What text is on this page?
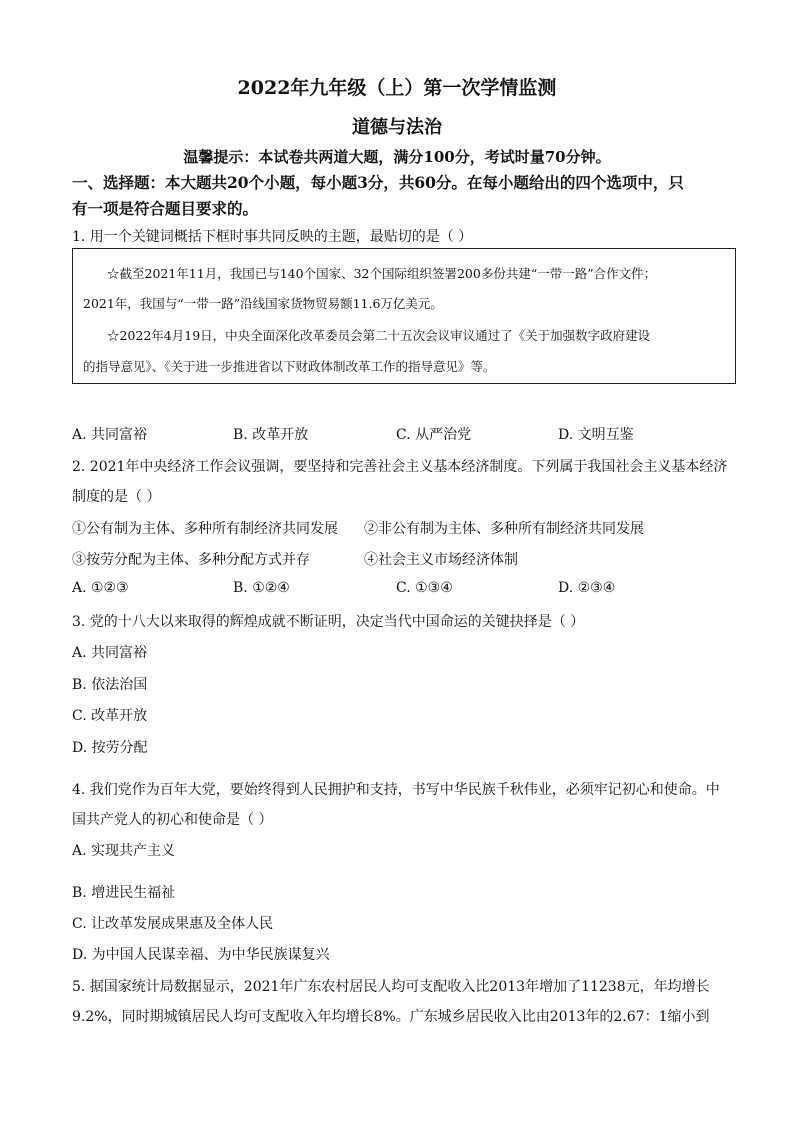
2022年九年级（上）第一次学情监测
道德与法治
温馨提示：本试卷共两道大题，满分100分，考试时量70分钟。
一、选择题：本大题共20个小题，每小题3分，共60分。在每小题给出的四个选项中，只
有一项是符合题目要求的。
1. 用一个关键词概括下框时事共同反映的主题，最贴切的是（ ）
☆截至2021年11月，我国已与140个国家、32个国际组织签署200多份共建“一带一路”合作文件；
2021年，我国与“一带一路”沿线国家货物贸易额11.6万亿美元。
☆2022年4月19日，中央全面深化改革委员会第二十五次会议审议通过了《关于加强数字政府建设
的指导意见》、《关于进一步推进省以下财政体制改革工作的指导意见》等。
A. 共同富裕	B. 改革开放	C. 从严治党	D. 文明互鉴
2. 2021年中央经济工作会议强调，要坚持和完善社会主义基本经济制度。下列属于我国社会主义基本经济
制度的是（ ）
①公有制为主体、多种所有制经济共同发展 ②非公有制为主体、多种所有制经济共同发展
③按劳分配为主体、多种分配方式并存	④社会主义市场经济体制
A. ①②③	B. ①②④	C. ①③④	D. ②③④
3. 党的十八大以来取得的辉煌成就不断证明，决定当代中国命运的关键抉择是（ ）
A. 共同富裕
B. 依法治国
C. 改革开放
D. 按劳分配
4. 我们党作为百年大党，要始终得到人民拥护和支持，书写中华民族千秋伟业，必须牢记初心和使命。中
国共产党人的初心和使命是（ ）
A. 实现共产主义
B. 增进民生福祉
C. 让改革发展成果惠及全体人民
D. 为中国人民谋幸福、为中华民族谋复兴
5. 据国家统计局数据显示，2021年广东农村居民人均可支配收入比2013年增加了11238元，年均增长
9.2%，同时期城镇居民人均可支配收入年均增长8%。广东城乡居民收入比由2013年的2.67：1缩小到
